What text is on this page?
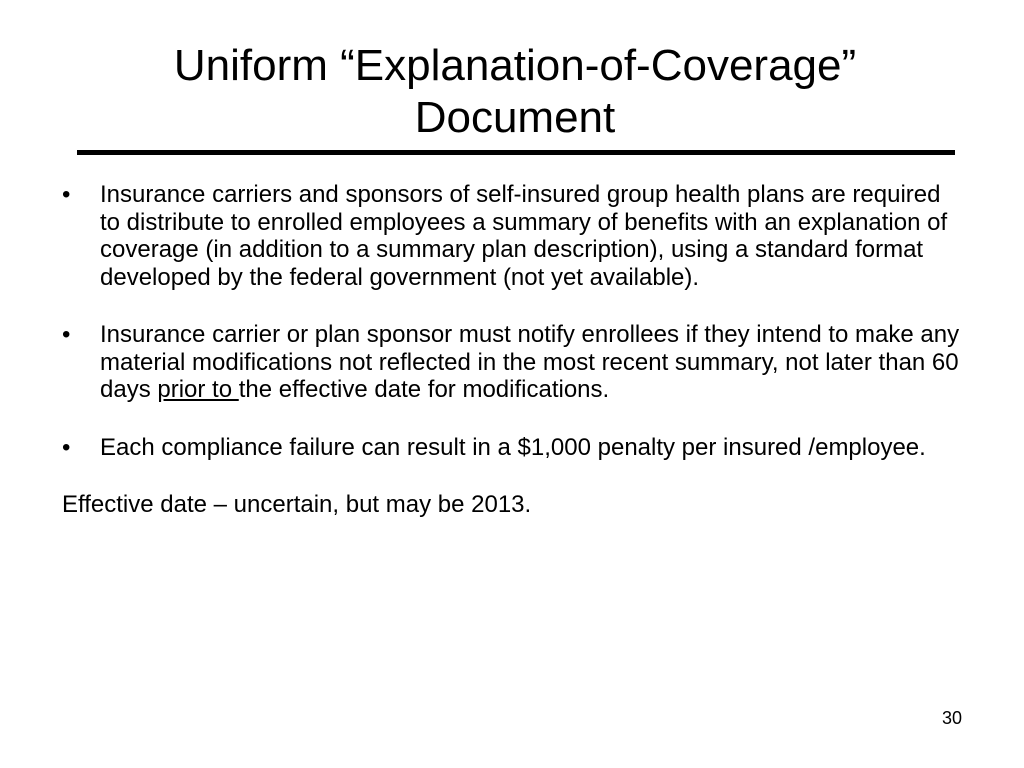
Uniform “Explanation-of-Coverage”
Document
• Insurance carriers and sponsors of self-insured group health plans are required to distribute to enrolled employees a summary of benefits with an explanation of coverage (in addition to a summary plan description), using a standard format developed by the federal government (not yet available).
• Insurance carrier or plan sponsor must notify enrollees if they intend to make any material modifications not reflected in the most recent summary, not later than 60 days prior to the effective date for modifications.
• Each compliance failure can result in a $1,000 penalty per insured /employee.
Effective date – uncertain, but may be 2013.
30
